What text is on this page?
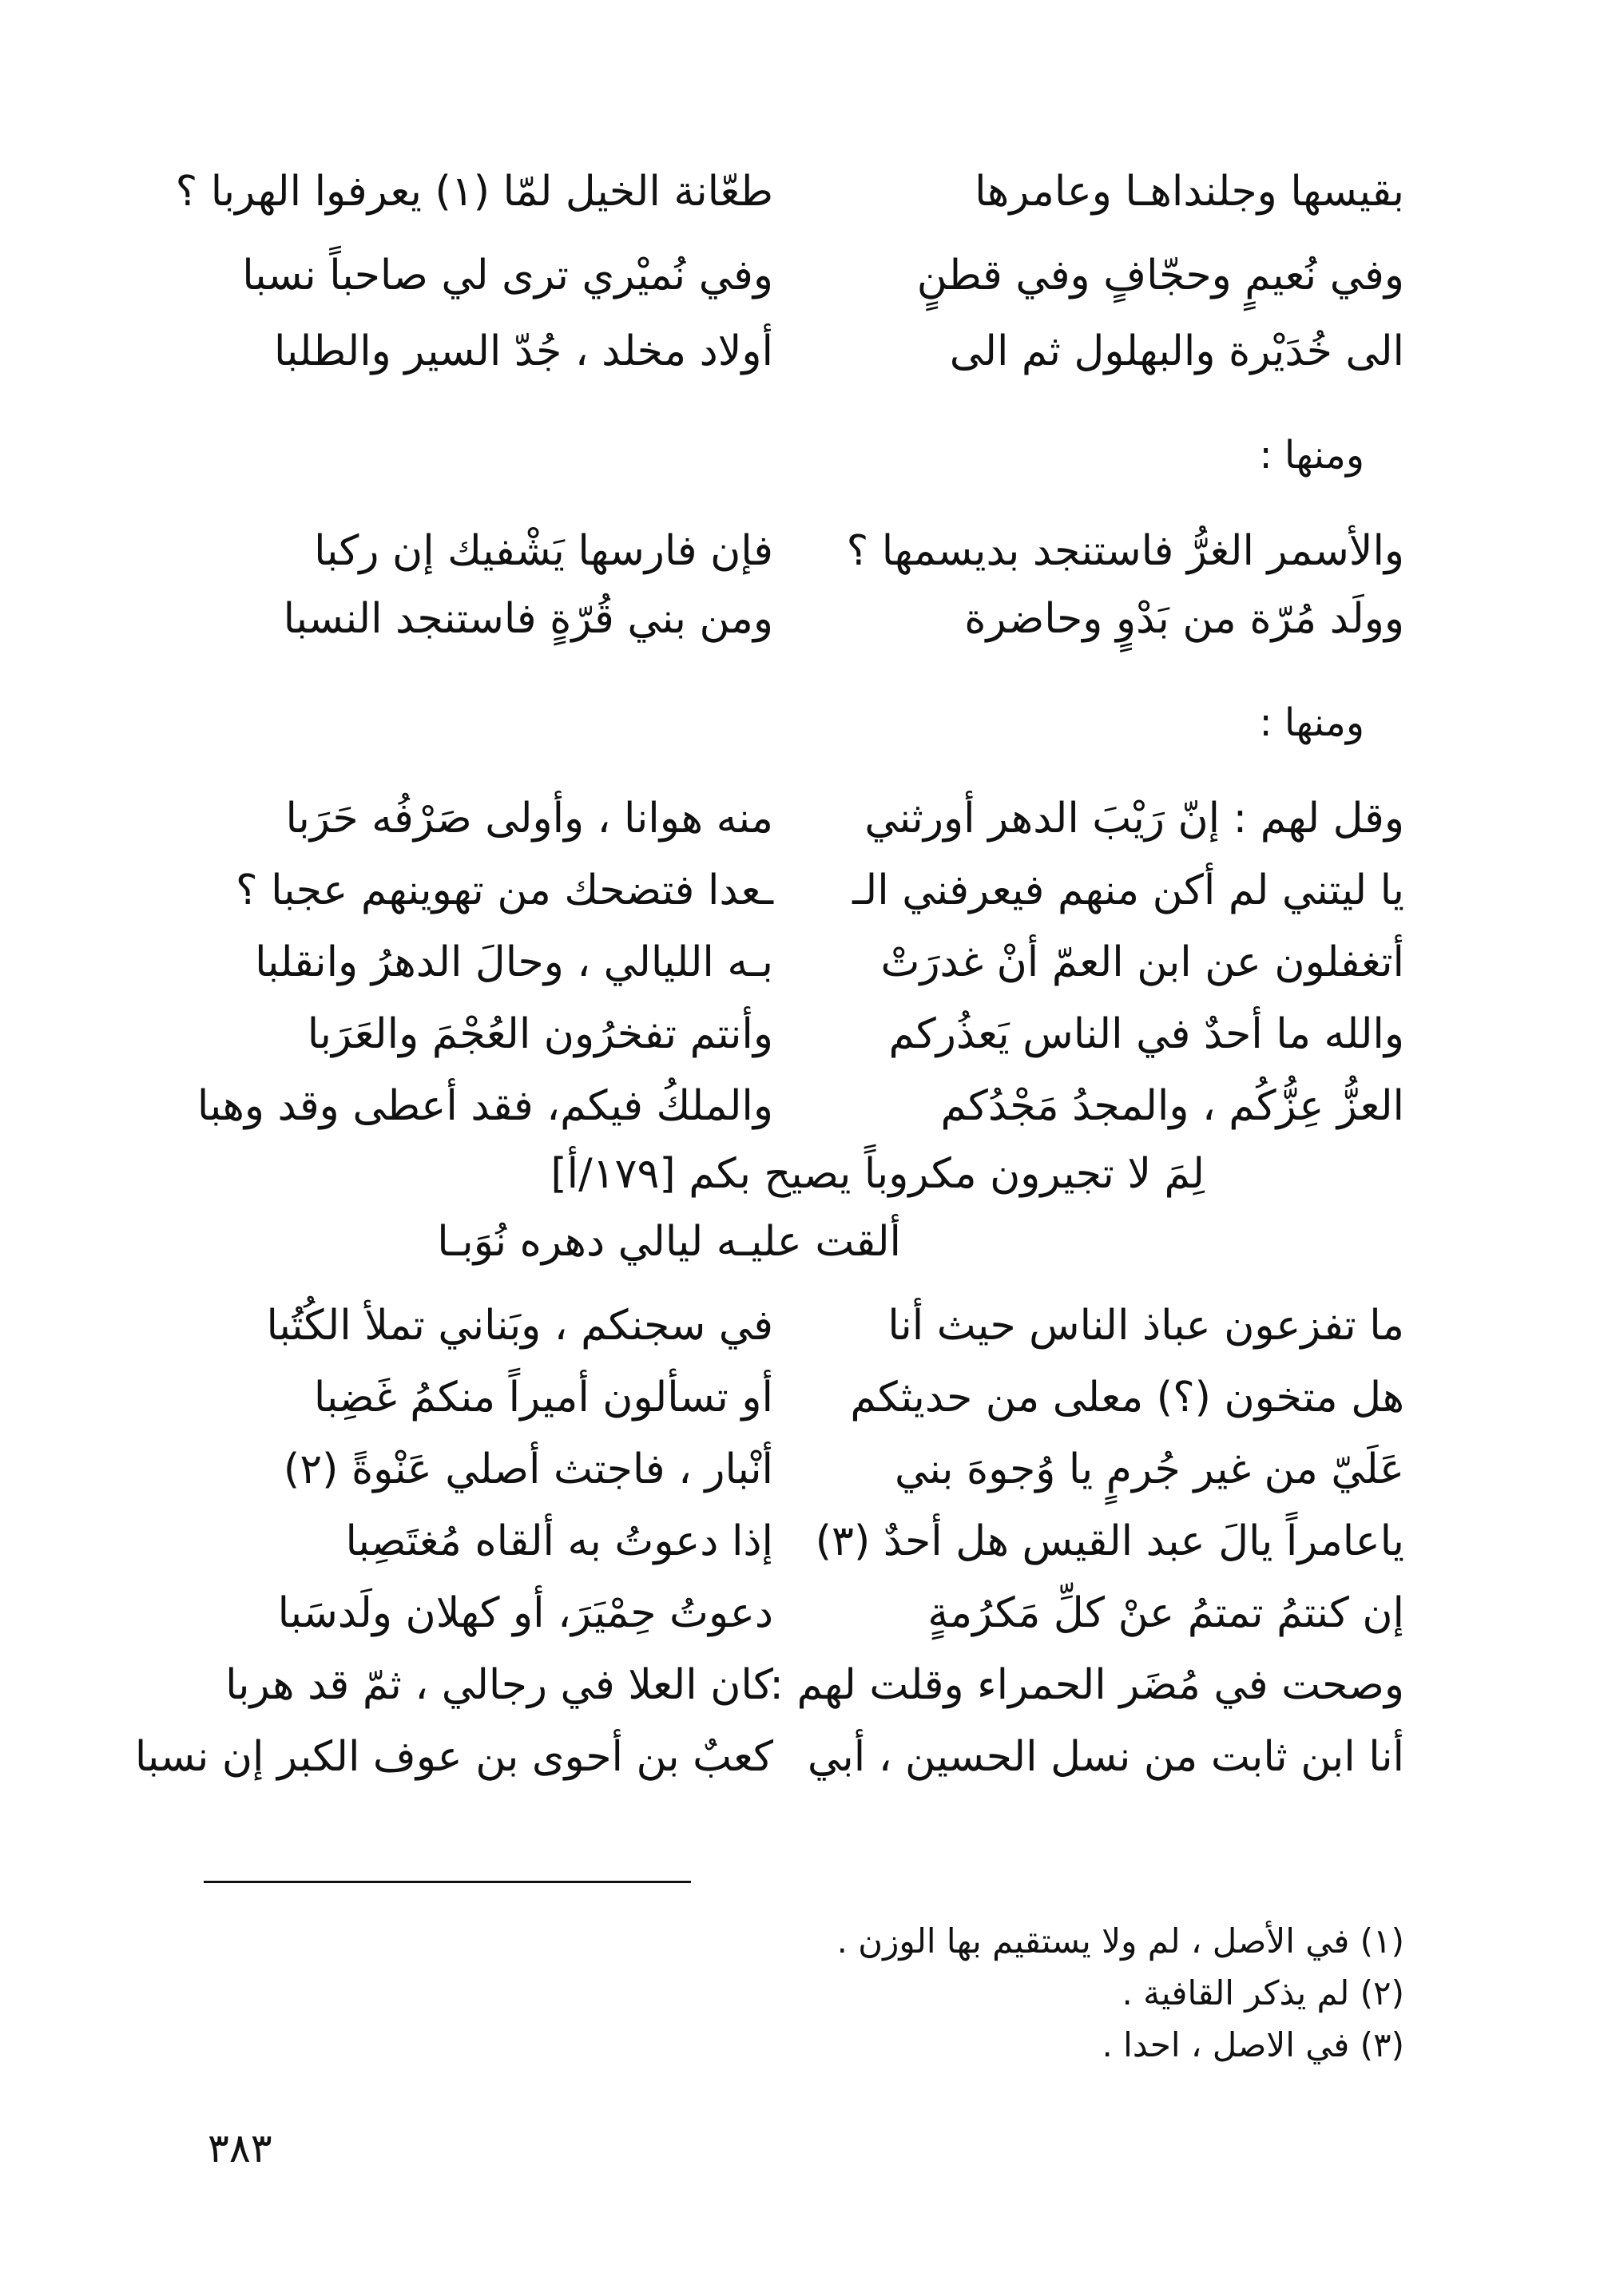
بقيسها وجلنداهـا وعامرها
طعّانة الخيل لمّا (١) يعرفوا الهربا ؟
وفي نُعيمٍ وحجّافٍ وفي قطنٍ
وفي نُميْري ترى لي صاحباً نسبا
الى خُدَيْرة والبهلول ثم الى
أولاد مخلد ، جُدّ السير والطلبا
ومنها :
والأسمر الغرُّ فاستنجد بديسمها ؟
فإن فارسها يَشْفيك إن ركبا
وولَد مُرّة من بَدْوٍ وحاضرة
ومن بني قُرّةٍ فاستنجد النسبا
ومنها :
وقل لهم : إنّ رَيْبَ الدهر أورثني
منه هوانا ، وأولى صَرْفُه حَرَبا
يا ليتني لم أكن منهم فيعرفني الـ
ـعدا فتضحك من تهوينهم عجبا ؟
أتغفلون عن ابن العمّ أنْ غدرَتْ
بـه الليالي ، وحالَ الدهرُ وانقلبا
والله ما أحدٌ في الناس يَعذُركم
وأنتم تفخرُون العُجْمَ والعَرَبا
العزُّ عِزُّكُم ، والمجدُ مَجْدُكم
والملكُ فيكم، فقد أعطى وقد وهبا
لِمَ لا تجيرون مكروباً يصيح بكم [١٧٩/أ]
ألقت عليـه ليالي دهره نُوَبـا
ما تفزعون عباذ الناس حيث أنا
في سجنكم ، وبَناني تملأ الكُتُبا
هل متخون (؟) معلى من حديثكم
أو تسألون أميراً منكمُ غَضِبا
عَلَيّ من غير جُرمٍ يا وُجوهَ بني
أنْبار ، فاجتث أصلي عَنْوةً (٢)
ياعامراً يالَ عبد القيس هل أحدٌ (٣)
إذا دعوتُ به ألقاه مُغتَصِبا
إن كنتمُ تمتمُ عنْ كلِّ مَكرُمةٍ
دعوتُ حِمْيَرَ، أو كهلان ولَدسَبا
وصحت في مُضَر الحمراء وقلت لهم :
كان العلا في رجالي ، ثمّ قد هربا
أنا ابن ثابت من نسل الحسين ، أبي
كعبٌ بن أحوى بن عوف الكبر إن نسبا
(١) في الأصل ، لم ولا يستقيم بها الوزن .
(٢) لم يذكر القافية .
(٣) في الاصل ، احدا .
٣٨٣
